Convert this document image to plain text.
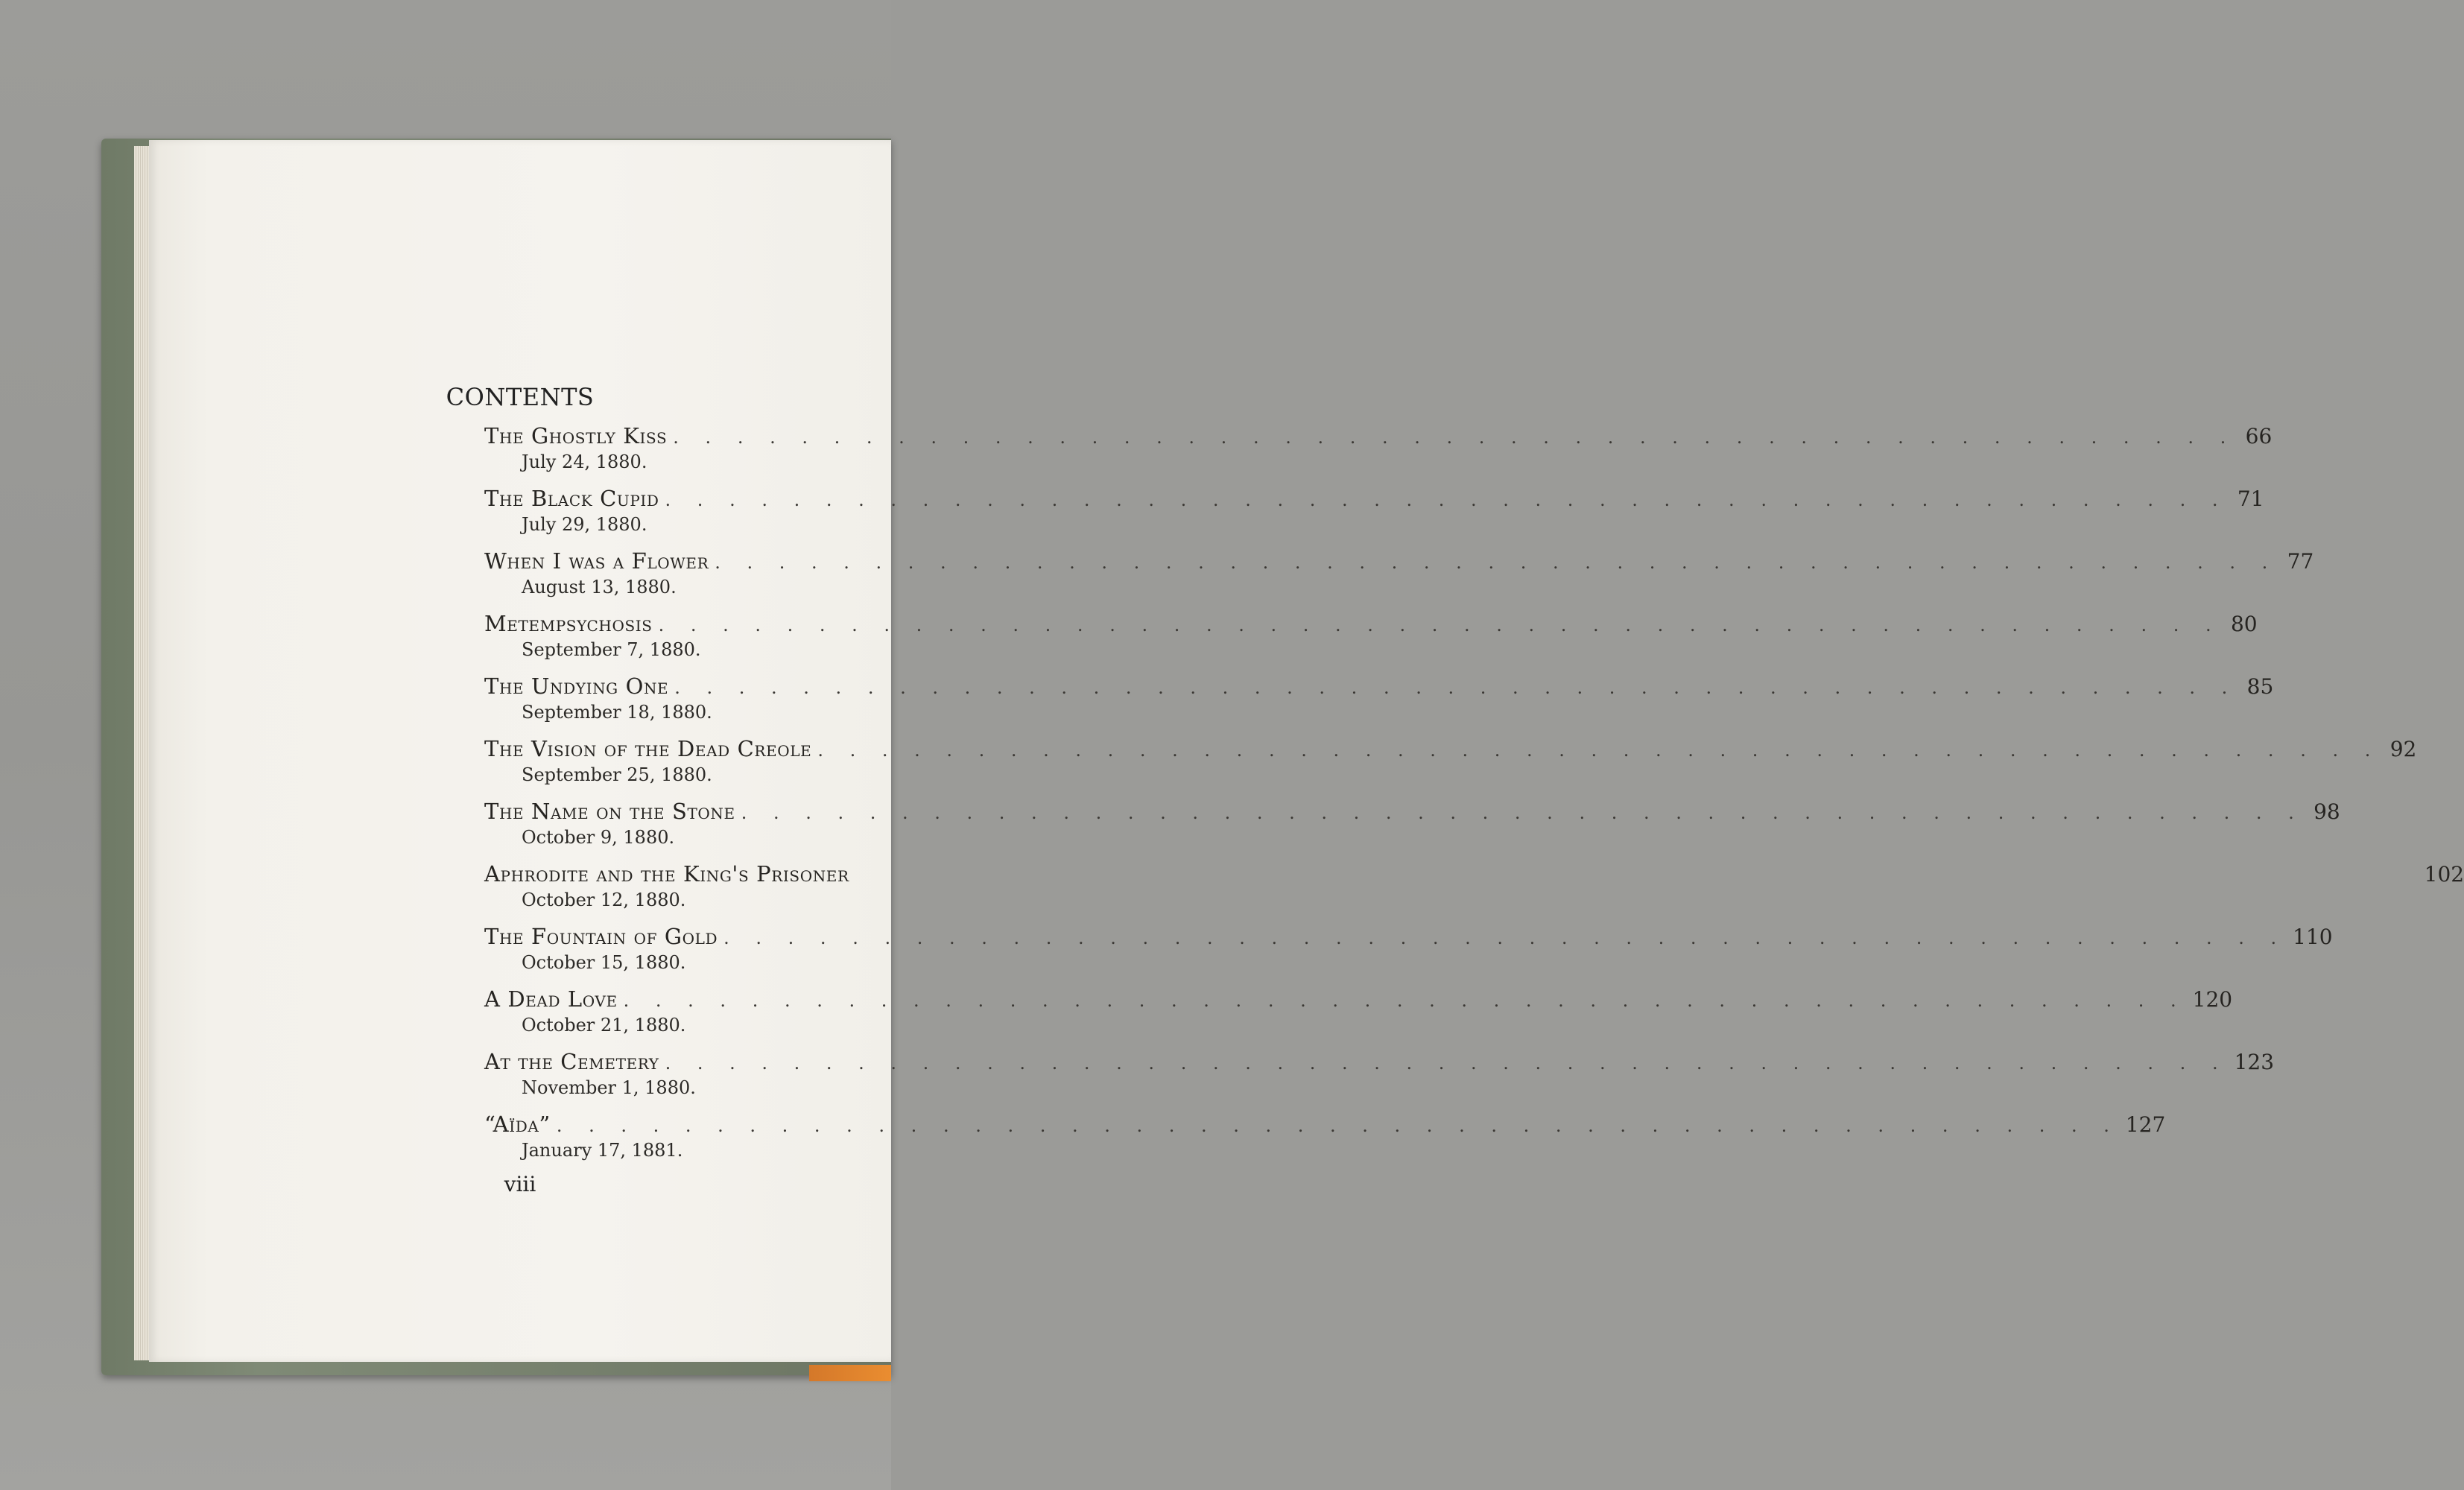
CONTENTS
The Ghostly Kiss . . .	66
July 24, 1880.
The Black Cupid . . .	71
July 29, 1880.
When I was a Flower . . .	77
August 13, 1880.
Metempsychosis . . .	80
September 7, 1880.
The Undying One . . .	85
September 18, 1880.
The Vision of the Dead Creole . . .	92
September 25, 1880.
The Name on the Stone . . .	98
October 9, 1880.
Aphrodite and the King's Prisoner	102
October 12, 1880.
The Fountain of Gold . . .	110
October 15, 1880.
A Dead Love . . .	120
October 21, 1880.
At the Cemetery . . .	123
November 1, 1880.
“Aïda” . . .	127
January 17, 1881.
viii
